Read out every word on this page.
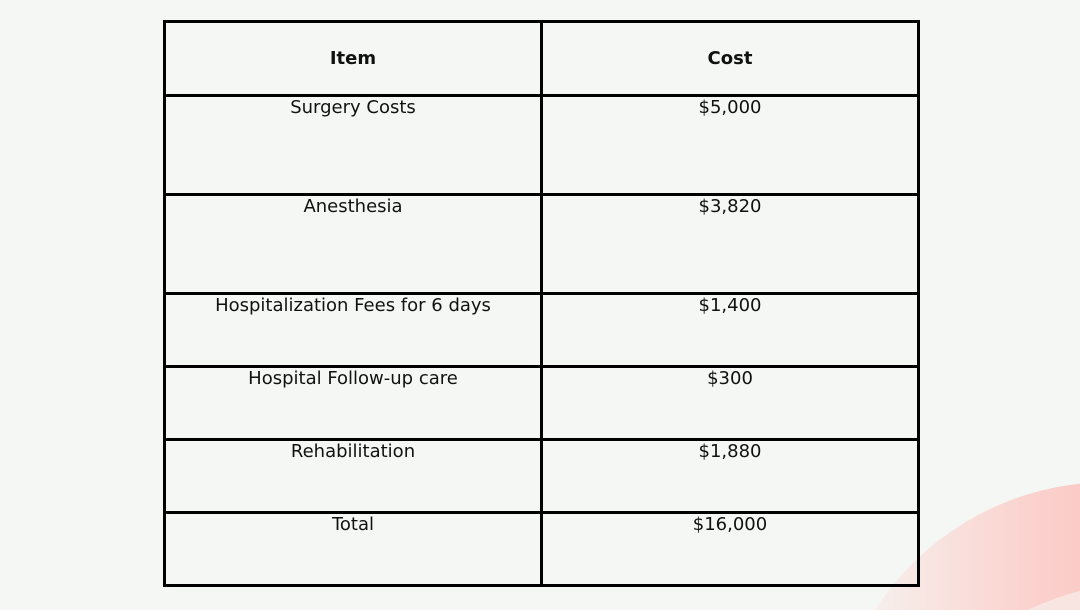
Item	Cost
Surgery Costs	$5,000
Anesthesia	$3,820
Hospitalization Fees for 6 days	$1,400
Hospital Follow-up care	$300
Rehabilitation	$1,880
Total	$16,000
